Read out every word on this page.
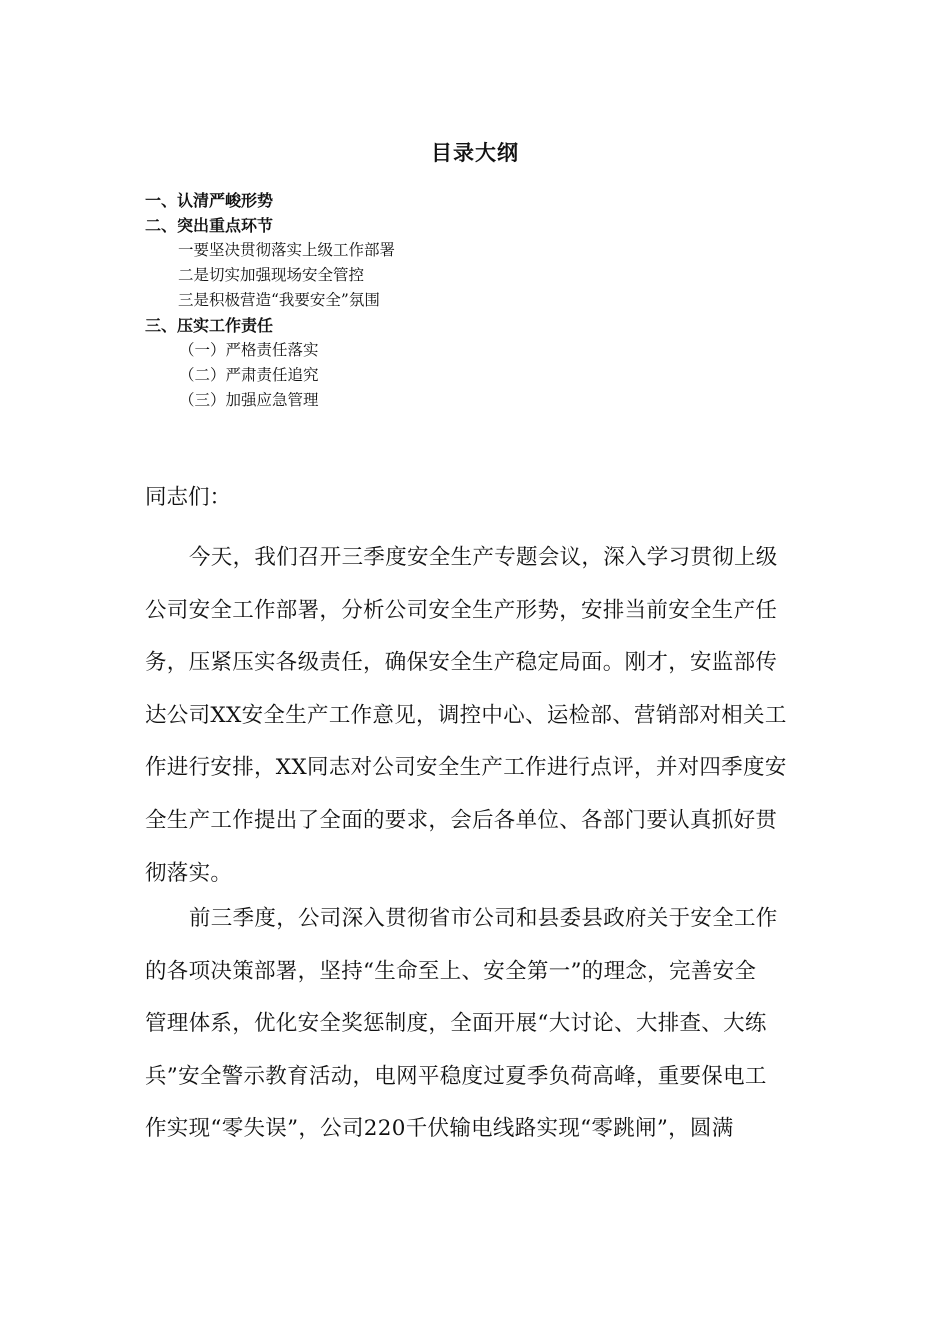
目录大纲
一、认清严峻形势
二、突出重点环节
一要坚决贯彻落实上级工作部署
二是切实加强现场安全管控
三是积极营造“我要安全”氛围
三、压实工作责任
（一）严格责任落实
（二）严肃责任追究
（三）加强应急管理
同志们：
今天，我们召开三季度安全生产专题会议，深入学习贯彻上级
公司安全工作部署，分析公司安全生产形势，安排当前安全生产任
务，压紧压实各级责任，确保安全生产稳定局面。刚才，安监部传
达公司XX安全生产工作意见，调控中心、运检部、营销部对相关工
作进行安排，XX同志对公司安全生产工作进行点评，并对四季度安
全生产工作提出了全面的要求，会后各单位、各部门要认真抓好贯
彻落实。
前三季度，公司深入贯彻省市公司和县委县政府关于安全工作
的各项决策部署，坚持“生命至上、安全第一”的理念，完善安全
管理体系，优化安全奖惩制度，全面开展“大讨论、大排查、大练
兵”安全警示教育活动，电网平稳度过夏季负荷高峰，重要保电工
作实现“零失误”，公司220千伏输电线路实现“零跳闸”，圆满
